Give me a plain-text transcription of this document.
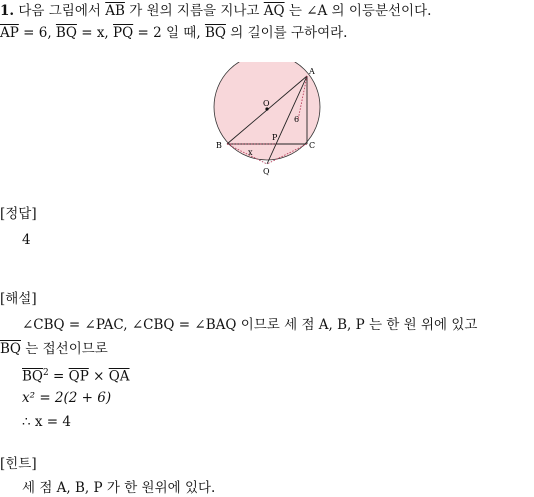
1. 다음 그림에서 $\overline{AB}$ 가 원의 지름을 지나고 $\overline{AQ}$ 는 ∠A 의 이등분선이다.
$\overline{AP} = 6$, $\overline{BQ} = x$, $\overline{PQ} = 2$ 일 때, $\overline{BQ}$ 의 길이를 구하여라.
O
A
B	C
P
Q
6
x
[정답]
4
[해설]
∠CBQ = ∠PAC, ∠CBQ = ∠BAQ 이므로 세 점 A, B, P 는 한 원 위에 있고
$\overline{BQ}$ 는 접선이므로
$\overline{BQ}^2 = \overline{QP} \times \overline{QA}$
x² = 2(2 + 6)
∴ x = 4
[힌트]
세 점 A, B, P 가 한 원위에 있다.
